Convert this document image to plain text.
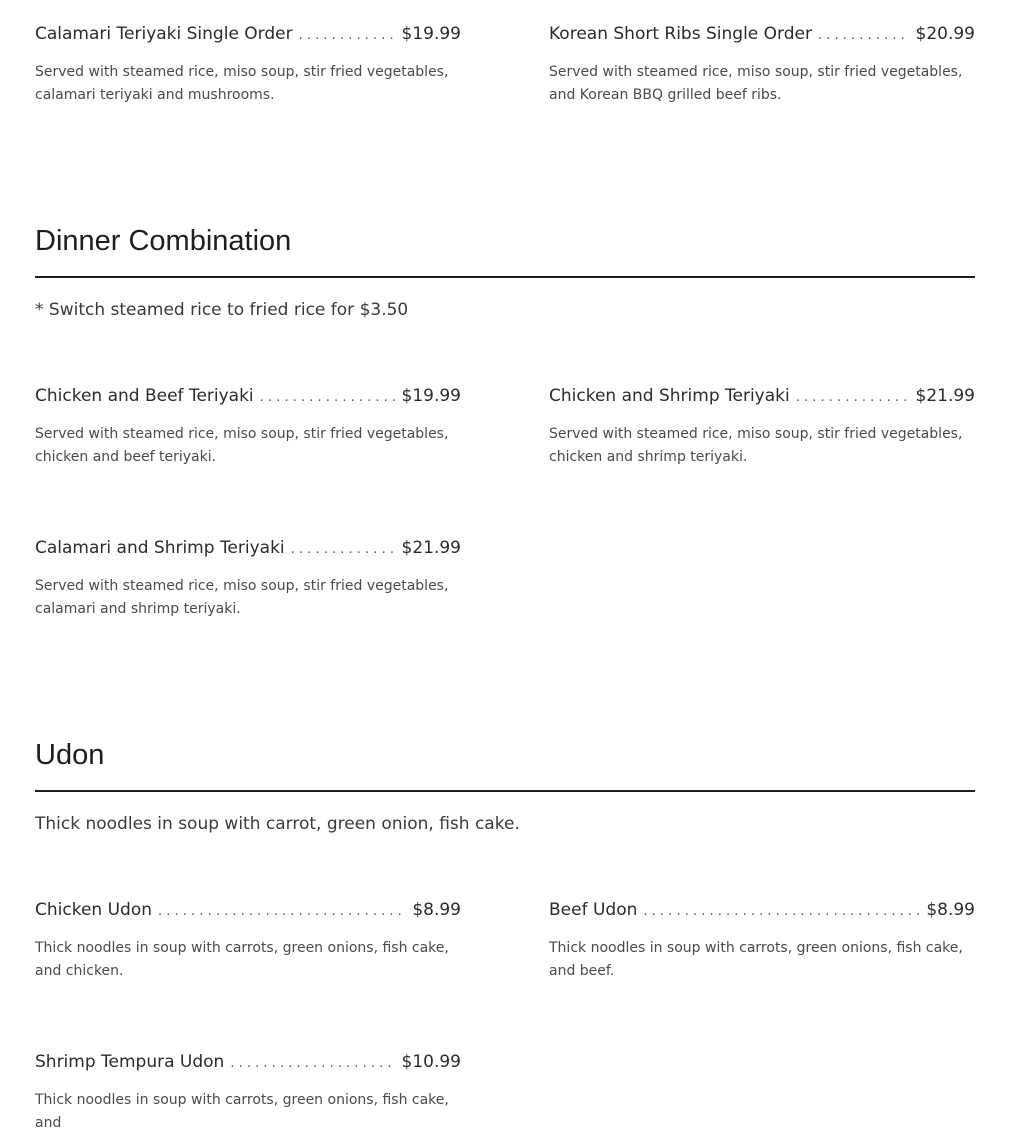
Calamari Teriyaki Single Order . . .	$19.99
Served with steamed rice, miso soup, stir fried vegetables, calamari teriyaki and mushrooms.
Korean Short Ribs Single Order . . .	$20.99
Served with steamed rice, miso soup, stir fried vegetables, and Korean BBQ grilled beef ribs.
Dinner Combination
* Switch steamed rice to fried rice for $3.50
Chicken and Beef Teriyaki . . .	$19.99
Served with steamed rice, miso soup, stir fried vegetables, chicken and beef teriyaki.
Chicken and Shrimp Teriyaki . . .	$21.99
Served with steamed rice, miso soup, stir fried vegetables, chicken and shrimp teriyaki.
Calamari and Shrimp Teriyaki . . .	$21.99
Served with steamed rice, miso soup, stir fried vegetables, calamari and shrimp teriyaki.
Udon
Thick noodles in soup with carrot, green onion, fish cake.
Chicken Udon . . .	$8.99
Thick noodles in soup with carrots, green onions, fish cake, and chicken.
Beef Udon . . .	$8.99
Thick noodles in soup with carrots, green onions, fish cake, and beef.
Shrimp Tempura Udon . . .	$10.99
Thick noodles in soup with carrots, green onions, fish cake, and
